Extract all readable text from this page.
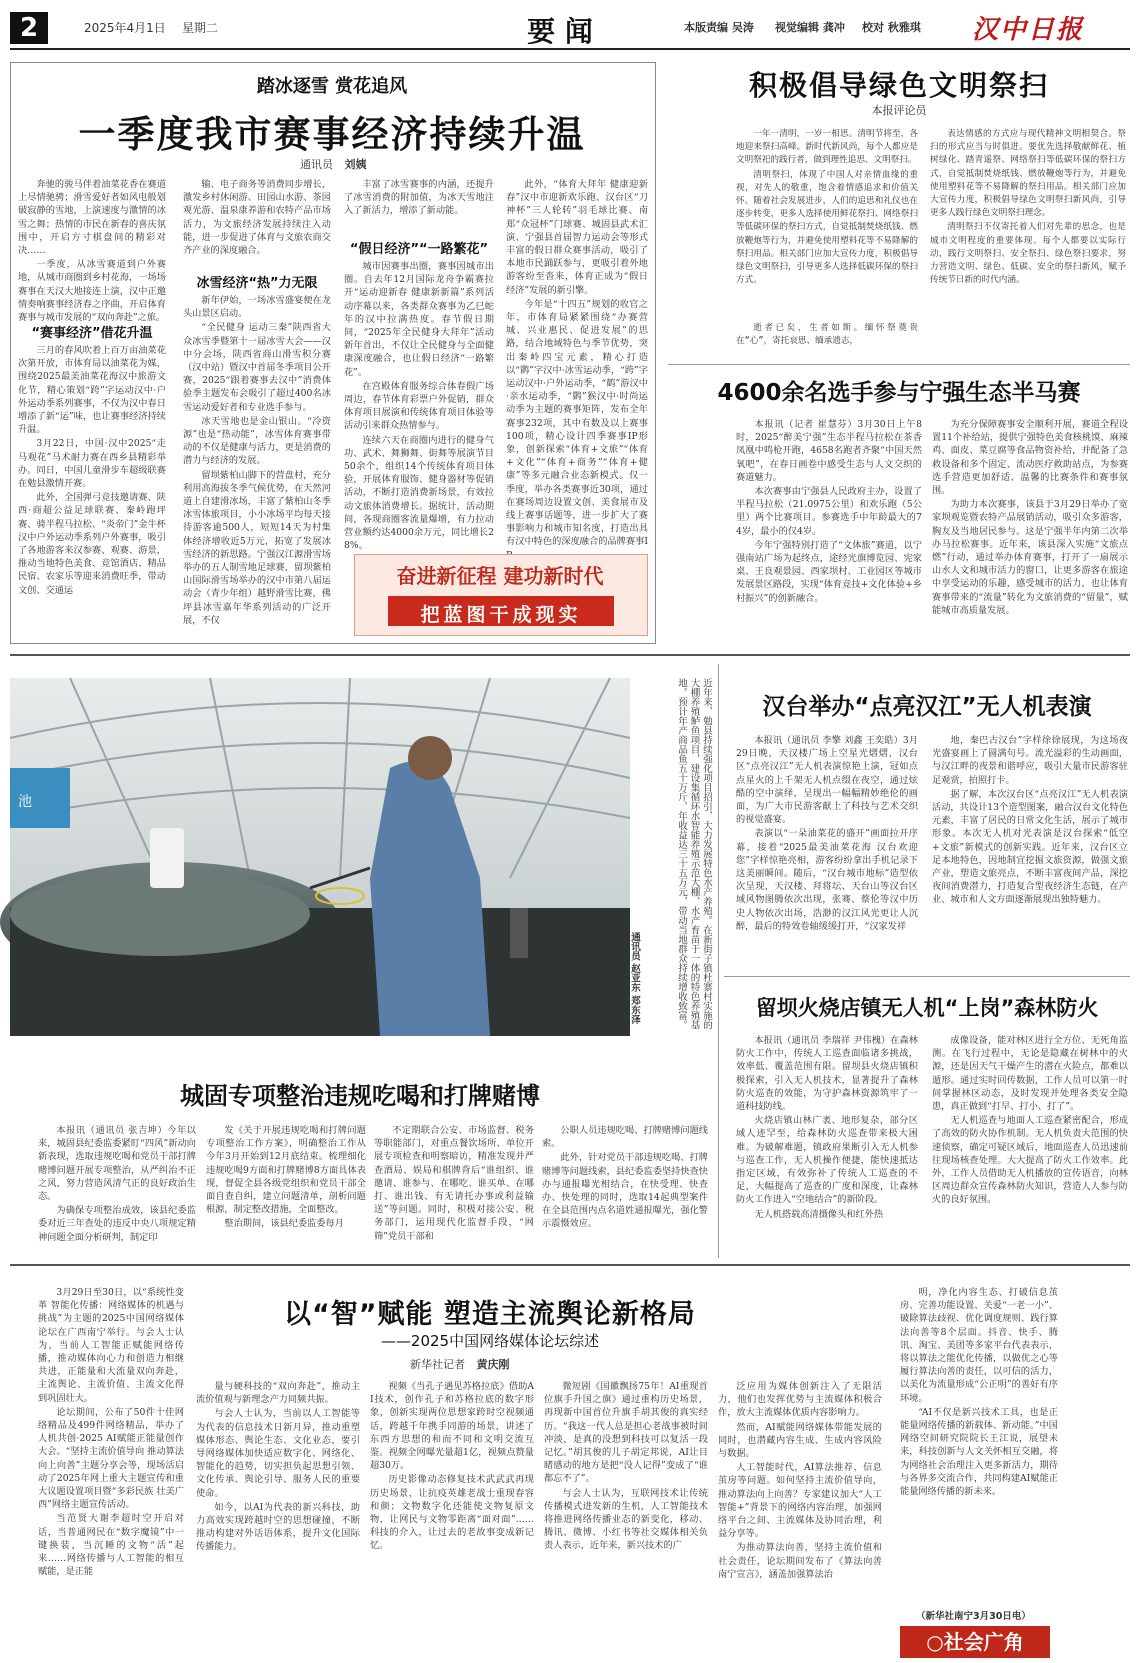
2	2025年4月1日 星期二	要 闻	本版责编 吴涛 视觉编辑 龚冲 校对 秋雅琪 汉中日报
踏冰逐雪 赏花追风
一季度我市赛事经济持续升温
通讯员 刘姨

奔驰的骏马伴着油菜花香在赛道上尽情驰骋；滑雪爱好者如风电般划破寂静的雪地，上演速度与激情的冰雪之舞；热情的市民在新春的喜庆氛围中，开启方寸棋盘间的精彩对决……

一季度，从冰雪赛道到户外赛地，从城市商圈到乡村花海，一场场赛事在天汉大地接连上演，汉中正邀情奏响赛事经济春之序曲，开启体育赛事与城市发展的“双向奔赴”之旅。

“赛事经济”借花升温

三月的春风吹着上百万亩油菜花次第开放，市体育局以油菜花为媒，围绕2025最美油菜花海汉中旅游文化节，精心策划“跨”字运动汉中·户外运动季系列赛事，不仅为汉中春日增添了新“运”味，也让赛事经济持续升温。

3月22日，中国·汉中2025“走马观花”马术耐力赛在西乡县精彩举办。同日，中国儿童滑步车超级联赛在勉县激情开赛。

此外，全国弹弓竞技邀请赛、陕西·商超公益足球联赛、秦岭跑坪赛、骑半程马拉松、“炎帝门”金牛杯汉中户外运动季系列户外赛事，吸引了各地游客来汉参赛、观赛、游景，推动当地特色美食、竞馆酒店、精品民宿、农家乐等迎来消费旺季，带动文创、交通运

输、电子商务等消费同步增长，激发乡村休闲游、田园山水游、茶园观光游、温泉康养游和农特产品市场活力，为文旅经济发展持续注入动能，进一步促进了体育与文旅农商交齐产业的深度融合。

冰雪经济“热”力无限

新年伊始，一场冰雪盛宴便在龙头山景区启动。

“全民健身 运动三秦”陕西省大众冰雪季暨第十一届冰雪大会——汉中分会场，陕西省商山滑雪积分赛（汉中站）暨汉中首届冬季项目公开赛，2025“跟着赛事去汉中”消费体验季主题发布会吸引了超过400名冰雪运动爱好者和专业选手参与。

冰天雪地也是金山银山。“冷资源”也是“热动能”，冰雪体育赛事带动的不仅是健康与活力，更是消费的潜力与经济的发展。

留坝紫柏山脚下的营盘村，充分利用高海拔冬季气候优势，在天然河道上自建滑冰场，丰富了紫柏山冬季冰雪体旅项目，小小冰场平均每天接待游客逾500人，短短14天为村集体经济增收近5万元，拓宽了发展冰雪经济的新思路。宁强汉江源滑雪场举办的五人制雪地足球赛，留坝紫柏山国际滑雪场举办的汉中市第八届运动会（青少年组）越野滑雪比赛，佛坪县冰雪嘉年华系列活动的广泛开展，不仅

丰富了冰雪赛事的内涵，还提升了冰雪消费的附加值，为冰天雪地注入了新活力，增添了新动能。

“假日经济”“一路繁花”

城市因赛事出圈，赛事因城市出圈。自去年12月国际龙舟争霸赛拉开“运动迎新春 健康新新篇”系列活动序幕以来，各类群众赛事为乙巳蛇年的汉中拉满热度。春节假日期间，“2025年全民健身大拜年”活动新年首出，不仅让全民健身与全面健康深度融合，也让假日经济“一路繁花”。

在宫殿体育服务综合体春假广场周边，春节体育彩票户外促销，群众体育项目展演和传统体育项目体验等活动引来群众热情参与。

连续六天在商圈内进行的健身气功、武术、舞狮舞、街舞等展演节目50余个，组织14个传统体育项目体验，开展体育服饰、健身器材等促销活动，不断打造消费新场景，有效拉动文旅体消费增长。据统计，活动期间，各现商圈客流量爆增，有力拉动营业额约达4000余万元，同比增长28%。

此外，“体育大拜年 健康迎新春”汉中市迎新欢乐跑、汉台区“刀神杯”三人轮转”羽毛球比赛、南郑“众冠杯”门球赛、城固县武术汇演、宁强县首届智力运动会等形式丰富的假日群众赛事活动，吸引了本地市民踊跃参与，更吸引着外地游客纷至沓来，体育正成为“假日经济”发展的新引擎。

今年是“十四五”规划的收官之年，市体育局紧紧围绕“办赛营城、兴业惠民、促进发展”的思路，结合地域特色与季节优势，突出秦岭四宝元素，精心打造以“鹮”字汉中·冰雪运动季，“跨”字运动汉中·户外运动季，“鹤”游汉中·亲水运动季，“鹮”猴汉中·时尚运动季为主题的赛事矩阵，发布全年赛事232项，其中有数及以上赛事100项，精心设计四季赛事IP形象，创新探索“体育+文旅”“体育+文化”“体育+商务”“体育+健康”等多元融合业态新模式。仅一季度，举办各类赛事近30项，通过在赛场周边设置文创、美食展市及线上赛事话题等，进一步扩大了赛事影响力和城市知名度，打造出具有汉中特色的深度融合的品牌赛事I

奋进新征程 建功新时代
把蓝图干成现实
积极倡导绿色文明祭扫
本报评论员

一年一清明，一岁一相思。清明节将至，各地迎来祭扫高峰。新时代新风尚，每个人都应是文明祭祀的践行者，做到理性追思、文明祭扫。

清明祭扫，体现了中国人对亲情血缘的重视，对先人的敬重，饱含着情感追求和价值关怀。随着社会发展进步，人们的追思和礼仪也在逐步转变，更多人选择使用鲜花祭扫、网络祭扫等低碳环保的祭扫方式，自觉抵制焚烧纸钱、燃放鞭炮等行为，并避免使用塑料花等不易降解的祭扫用品。相关部门应加大宣传力度，积极倡导绿色文明祭扫，引导更多人选择低碳环保的祭扫方式。

逝者已矣，生者如斯。缅怀祭奠贵在“心”，寄托哀思、缅承遗志，

表达情感的方式应与现代精神文明相契合。祭扫的形式应当与时俱进。要优先选择敬献鲜花、植树绿化、踏青遥祭、网络祭扫等低碳环保的祭扫方式，自觉抵制焚烧纸钱、燃放鞭炮等行为，并避免使用塑料花等不易降解的祭扫用品。相关部门应加大宣传力度，积极倡导绿色文明祭扫新风尚，引导更多人践行绿色文明祭扫理念。

清明祭扫不仅寄托着人们对先辈的思念，也是城市文明程度的重要体现。每个人都要以实际行动，践行文明祭扫、安全祭扫、绿色祭扫要求，努力营造文明、绿色、低碳、安全的祭扫新风，赋予传统节日新的时代内涵。

4600余名选手参与宁强生态半马赛

本报讯（记者 崔慧芬）3月30日上午8时，2025“醉美宁强”生态半程马拉松在茶香凤凰中鸣枪开跑，4658名跑者齐聚“中国天然氧吧”，在春日画卷中感受生态与人文交织的赛道魅力。

本次赛事由宁强县人民政府主办，设置了半程马拉松（21.0975公里）和欢乐跑（5公里）两个比赛项目。参赛选手中年龄最大的74岁，最小的仅4岁。

今年宁强特别打造了“文体旅”赛道，以宁强南站广场为起终点，途经光旗博览园、宪家桌、王良观景园、西家坝村、工业园区等城市发展景区路段，实现“体育竞技+文化体验+乡村振兴”的创新融合。

为充分保障赛事安全顺利开展，赛道全程设置11个补给站，提供宁强特色美食核桃馍、麻辣鸡、面皮、菜豆腐等食品物资补给，并配备了急救设备和多个固定、流动医疗救助站点，为参赛选手营造更加舒适、温馨的比赛条件和赛事氛围。

为助力本次赛事，该县于3月29日举办了宽家坝观览暨农特产品展销活动，吸引众多游客，胸友及当地居民参与。这是宁强半年内第二次举办马拉松赛事。近年来，该县深入实施“文旅点燃”行动，通过举办体育赛事，打开了一扇展示山水人文和城市活力的窗口，让更多游客在旅途中享受运动的乐趣，感受城市的活力，也让体育赛事带来的“流量”转化为文旅消费的“留量”，赋能城市高质量发展。

池	近年来，勉县持续强化项目招引，大力发展特色水产养殖。在新街子镇杜寨村实施的大棚养殖鲈鱼项目，建设集循环水智能养殖示范大棚、水产育苗于一体的特色养殖基地。预计年产商品鱼五十万斤，年收益达三十五万元，带动当地群众持续增收致富。
通讯员 赵亚东 郑东泽 摄
汉台举办“点亮汉江”无人机表演

本报讯（通讯员 李擎 刘鑫 王奕皓）3月29日晚，天汉楼广场上空星光熠熠，汉台区“点亮汉江”无人机表演惊艳上演，冠如点点星火的上千架无人机点缀在夜空，通过炫酷的空中演绎，呈现出一幅幅精妙绝伦的画面，为广大市民游客献上了科技与艺术交织的视觉盛宴。

表演以“一朵油菜花的盛开”画面拉开序幕，接着“2025最美油菜花海 汉台欢迎您”字样惊艳亮相，游客纷纷拿出手机记录下这美丽瞬间。随后，“汉台城市地标”造型依次呈现，天汉楼、拜将坛、天台山等汉台区域风物图腾依次出现，张骞、蔡伦等汉中历史人物依次出场，浩渺的汉江风光更让人沉醉，最后的特效卷轴缓缓打开，“汉家发祥

地，秦巴古汉台”字样徐徐展现，为这场夜光盛宴画上了圆满句号。流光溢彩的生动画面，与汉江畔的夜景和谐呼应，吸引大量市民游客驻足观赏，拍照打卡。

据了解，本次汉台区“点亮汉江”无人机表演活动，共设计13个造型图案，融合汉台文化特色元素，丰富了居民的日常文化生活，展示了城市形象。本次无人机对光表演是汉台探索“低空+文旅”新模式的创新实践。近年来，汉台区立足本地特色，因地制宜挖掘文旅资源，做强文旅产业，塑造文旅亮点，不断丰富夜间产品，深挖夜间消费潜力，打造复合型夜经济生态链，在产业、城市和人文方面逐渐展现出独特魅力。

留坝火烧店镇无人机“上岗”森林防火

本报讯（通讯员 李瑞祥 尹伟槐）在森林防火工作中，传统人工巡查面临诸多挑战，效率低、覆盖范围有限。留坝县火烧店镇积极探索，引入无人机技术，显著提升了森林防火巡查的效能，为守护森林资源筑牢了一道科技防线。

火烧店镇山林广袤、地形复杂，部分区域人迹罕至，给森林防火巡查带来极大困难。为破解难题，镇政府果断引入无人机参与巡查工作，无人机操作便捷，能快速抵达指定区域，有效弥补了传统人工巡查的不足，大幅提高了巡查的广度和深度，让森林防火工作进入“空地结合”的新阶段。

无人机搭载高清摄像头和红外热

成像设备，能对林区进行全方位、无死角监测。在飞行过程中，无论是隐藏在树林中的火源，还是因天气干燥产生的潜在火险点，都难以遁形。通过实时回传数据，工作人员可以第一时间掌握林区动态，及时发现并处理各类安全隐患，真正做到“打早、打小、打了”。

无人机巡查与地面人工巡查紧密配合，形成了高效的防火协作机制。无人机负责大范围的快速侦察，确定可疑区域后，地面巡查人员迅速前往现场核查处理。大大提高了防火工作效率。此外，工作人员借助无人机播放的宣传语音，向林区周边群众宣传森林防火知识，营造人人参与防火的良好氛围。

城固专项整治违规吃喝和打牌赌博

本报讯（通讯员 张吉坤）今年以来，城固县纪委监委紧盯“四风”新动向新表现，选取违规吃喝和党员干部打牌赌博问题开展专项整治，从严纠治不正之风，努力营造风清气正的良好政治生态。

为确保专项整治成效，该县纪委监委对近三年查处的违反中央八项规定精神问题全面分析研判，制定印

发《关于开展违规吃喝和打牌问题专项整治工作方案》，明确整治工作从今年3月开始到12月底结束。梳理细化违规吃喝9方面和打牌赌博8方面具体表现，督促全县各级党组织和党员干部全面自查自纠，建立问题清单，剖析问题根源，制定整改措施，全面整改。

整治期间，该县纪委监委每月

不定期联合公安、市场监督、税务等职能部门，对重点餐饮场所、单位开展专项检查和明察暗访，精准发现并严查酒局、娱局和棋牌背后“谁组织、谁邀请、谁参与、在哪吃、谁买单、在哪打、谁出钱、有无请托办事或利益输送”等问题。同时，积极对接公安、税务部门，运用现代化监督手段，“网筛”党员干部和

公职人员违规吃喝、打牌赌博问题线索。

此外，针对党员干部违规吃喝、打牌赌博等问题线索，县纪委监委坚持快查快办与通报曝光相结合，在快受理、快查办、快处理的同时，选取14起典型案件在全县范围内点名道姓通报曝光，强化警示震慑效应。

以“智”赋能 塑造主流舆论新格局
——2025中国网络媒体论坛综述
新华社记者 黄庆刚

3月29日至30日，以“系统性变革 智能化传播：网络媒体的机遇与挑战”为主题的2025中国网络媒体论坛在广西南宁举行。与会人士认为，当前人工智能正赋能网络传播，推动媒体向心力和创造力相继共进，正能量和大流量双向奔赴，主流舆论、主流价值、主流文化得到巩固壮大。

论坛期间，公布了50件十佳网络精品及499件网络精品，举办了人机共创·2025 AI赋能正能量创作大会。“坚持主流价值导向 推动算法向上向善”主题分享会等，现场活启动了2025年网上重大主题宣传和重大议题设置项目暨“多彩民族 壮美广西”网络主题宣传活动。

当范贤大谢李超时空开启对话，当普通网民在“数字魔镜”中一键换装，当沉睡的文物“活”起来……网络传播与人工智能的相互赋能，是正能

量与硬科技的“双向奔赴”，推动主流价值观与新理念产力同频共振。

与会人士认为，当前以人工智能等为代表的信息技术日新月异，推动重塑媒体形态、舆论生态、文化业态，要引导网络媒体加快适应数字化、网络化、智能化的趋势，切实担负起思想引领、文化传承、舆论引导、服务人民的重要使命。

如今，以AI为代表的新兴科技，助力高效实现跨越时空的思想碰撞，不断推动构建对外话语体系，提升文化国际传播能力。

视频《当孔子遇见苏格拉底》借助AI技术，创作孔子和苏格拉底的数字形象，创新实现两位思想家跨时空视频通话，跨越千年携手同游的场景，讲述了东西方思想的和而不同和文明交流互鉴。视频全网曝光量超1亿，视频点赞量超30万。

历史影像动态修复技术武武武再现历史场景，让抗疫英雄老战士重现春容和颜；文物数字化还能使文物复原文物，让网民与文物零距离“面对面”……科技的介入，让过去的老故事变成新记忆。

微短剧《国徽飘扬75年！AI重现首位旗手升国之旗》通过重构历史场景，再现新中国首位升旗手胡其俊的真实经历。“我这一代人总是担心老战事被时间冲淡，是真的没想到科技可以复活一段记忆。”胡其俊的儿子胡定邦说，AI让目睹感动的地方是把“没人记得”变成了“谁都忘不了”。

与会人士认为，互联网技术让传统传播模式进发新的生机，人工智能技术将推进网络传播业态的新变化，移动、腾讯、微博、小红书等社交媒体相关负责人表示，近年来，新兴技术的广

泛应用为媒体创新注入了无限活力，他们也发挥优势与主流媒体积极合作，放大主流媒体优质内容影响力。

然而，AI赋能网络媒体带能发展的同时，也潜藏内容生成、生成内容风险与数据。

人工智能时代，AI算法推荐、信息茧房等问题。如何坚持主流价值导向，推动算法向上向善？专家建议加大“人工智能+”背景下的网络内容治理，加强网络平台之间、主流媒体及协同治理，利益分享等。

为推动算法向善，坚持主流价值和社会责任，论坛期间发布了《算法向善南宁宣言》，涵盖加强算法治

明，净化内容生态、打破信息茧房、完善功能设置、关爱“一老一小”、破除算法歧视、优化调度规则、践行算法向善等8个层面。抖音、快手、腾讯、淘宝、美团等多家平台代表表示，将以算法之能优化传播，以做优之心等履行算法向善的责任，以可信的活力，以美化为流量形成“公正明”的善好有序环境。

“AI不仅是新兴技术工具，也是正能量网络传播的新载体、新动能。”中国网络空间研究院院长王江说，展望未来，科技创新与人文关怀相互交融，将为网络社会治理注入更多新活力，期待与各界多交流合作，共同构建AI赋能正能量网络传播的新未来。

（新华社南宁3月30日电）
○社会广角
